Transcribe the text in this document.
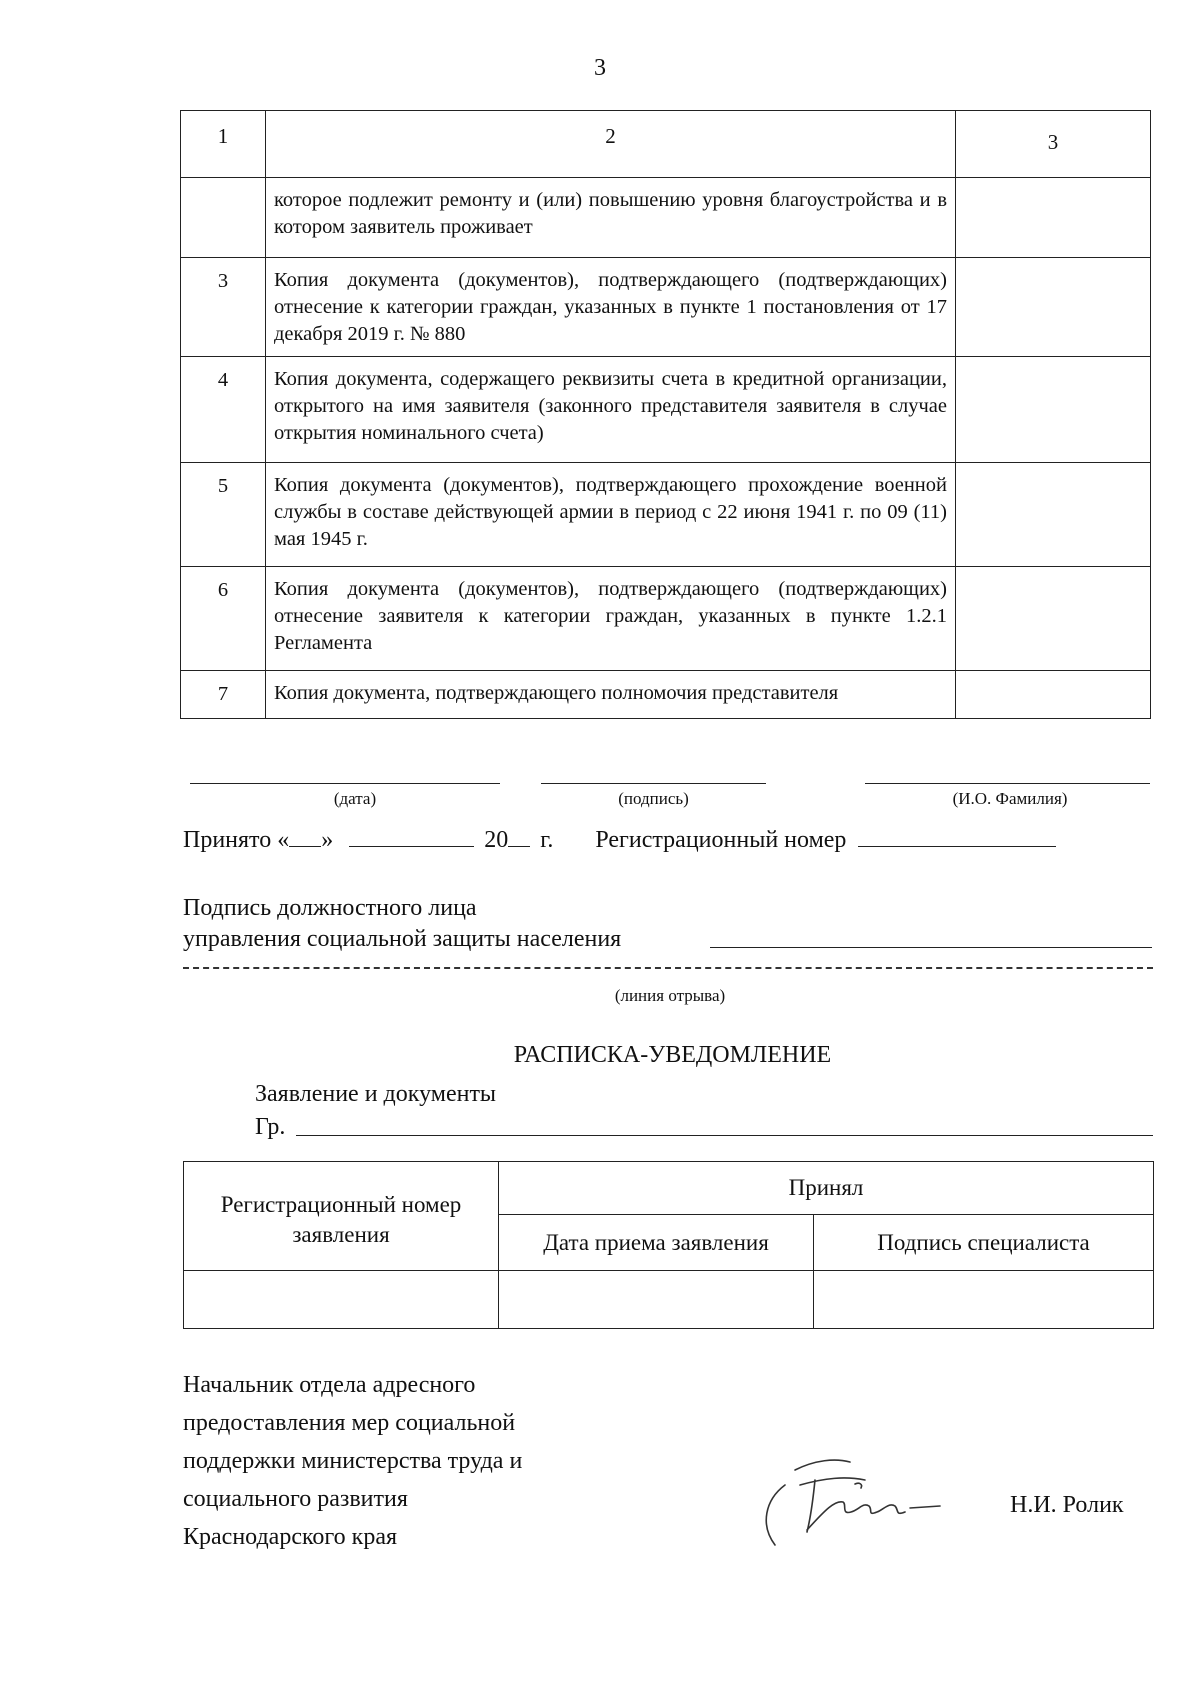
3
1	2	3
	которое подлежит ремонту и (или) повышению уровня благоустройства и в котором заявитель проживает	
3	Копия документа (документов), подтверждающего (подтверждающих) отнесение к категории граждан, указанных в пункте 1 постановления от 17 декабря 2019 г. № 880	
4	Копия документа, содержащего реквизиты счета в кредитной организации, открытого на имя заявителя (законного представителя заявителя в случае открытия номинального счета)	
5	Копия документа (документов), подтверждающего прохождение военной службы в составе действующей армии в период с 22 июня 1941 г. по 09 (11) мая 1945 г.	
6	Копия документа (документов), подтверждающего (подтверждающих) отнесение заявителя к категории граждан, указанных в пункте 1.2.1 Регламента	
7	Копия документа, подтверждающего полномочия представителя	
(дата)	(подпись)	(И.О. Фамилия)
Принято « »	20 г. Регистрационный номер
Подпись должностного лица
управления социальной защиты населения
(линия отрыва)
РАСПИСКА-УВЕДОМЛЕНИЕ
Заявление и документы
Гр.
Регистрационный номер заявления	Принял	
	Дата приема заявления	Подпись специалиста

Начальник отдела адресного
предоставления мер социальной
поддержки министерства труда и
социального развития
Краснодарского края
Н.И. Ролик
